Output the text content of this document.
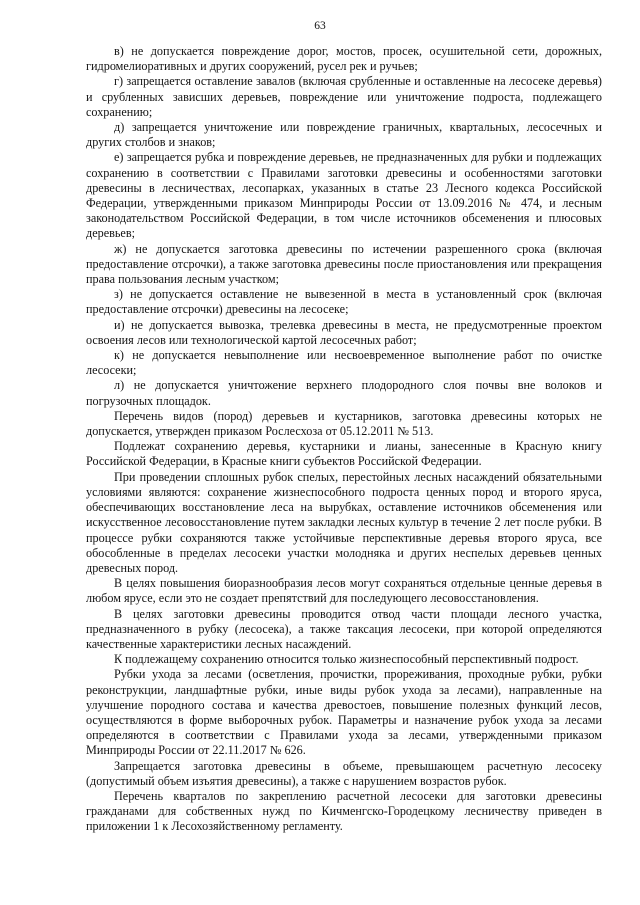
63

в) не допускается повреждение дорог, мостов, просек, осушительной сети, дорожных, гидромелиоративных и других сооружений, русел рек и ручьев;

г) запрещается оставление завалов (включая срубленные и оставленные на лесосеке деревья) и срубленных зависших деревьев, повреждение или уничтожение подроста, подлежащего сохранению;

д) запрещается уничтожение или повреждение граничных, квартальных, лесосечных и других столбов и знаков;

е) запрещается рубка и повреждение деревьев, не предназначенных для рубки и подлежащих сохранению в соответствии с Правилами заготовки древесины и особенностями заготовки древесины в лесничествах, лесопарках, указанных в статье 23 Лесного кодекса Российской Федерации, утвержденными приказом Минприроды России от 13.09.2016 № 474, и лесным законодательством Российской Федерации, в том числе источников обсеменения и плюсовых деревьев;

ж) не допускается заготовка древесины по истечении разрешенного срока (включая предоставление отсрочки), а также заготовка древесины после приостановления или прекращения права пользования лесным участком;

з) не допускается оставление не вывезенной в места в установленный срок (включая предоставление отсрочки) древесины на лесосеке;

и) не допускается вывозка, трелевка древесины в места, не предусмотренные проектом освоения лесов или технологической картой лесосечных работ;

к) не допускается невыполнение или несвоевременное выполнение работ по очистке лесосеки;

л) не допускается уничтожение верхнего плодородного слоя почвы вне волоков и погрузочных площадок.

Перечень видов (пород) деревьев и кустарников, заготовка древесины которых не допускается, утвержден приказом Рослесхоза от 05.12.2011 № 513.

Подлежат сохранению деревья, кустарники и лианы, занесенные в Красную книгу Российской Федерации, в Красные книги субъектов Российской Федерации.

При проведении сплошных рубок спелых, перестойных лесных насаждений обязательными условиями являются: сохранение жизнеспособного подроста ценных пород и второго яруса, обеспечивающих восстановление леса на вырубках, оставление источников обсеменения или искусственное лесовосстановление путем закладки лесных культур в течение 2 лет после рубки. В процессе рубки сохраняются также устойчивые перспективные деревья второго яруса, все обособленные в пределах лесосеки участки молодняка и других неспелых деревьев ценных древесных пород.

В целях повышения биоразнообразия лесов могут сохраняться отдельные ценные деревья в любом ярусе, если это не создает препятствий для последующего лесовосстановления.

В целях заготовки древесины проводится отвод части площади лесного участка, предназначенного в рубку (лесосека), а также таксация лесосеки, при которой определяются качественные характеристики лесных насаждений.

К подлежащему сохранению относится только жизнеспособный перспективный подрост.

Рубки ухода за лесами (осветления, прочистки, прореживания, проходные рубки, рубки реконструкции, ландшафтные рубки, иные виды рубок ухода за лесами), направленные на улучшение породного состава и качества древостоев, повышение полезных функций лесов, осуществляются в форме выборочных рубок. Параметры и назначение рубок ухода за лесами определяются в соответствии с Правилами ухода за лесами, утвержденными приказом Минприроды России от 22.11.2017 № 626.

Запрещается заготовка древесины в объеме, превышающем расчетную лесосеку (допустимый объем изъятия древесины), а также с нарушением возрастов рубок.

Перечень кварталов по закреплению расчетной лесосеки для заготовки древесины гражданами для собственных нужд по Кичменгско-Городецкому лесничеству приведен в приложении 1 к Лесохозяйственному регламенту.
